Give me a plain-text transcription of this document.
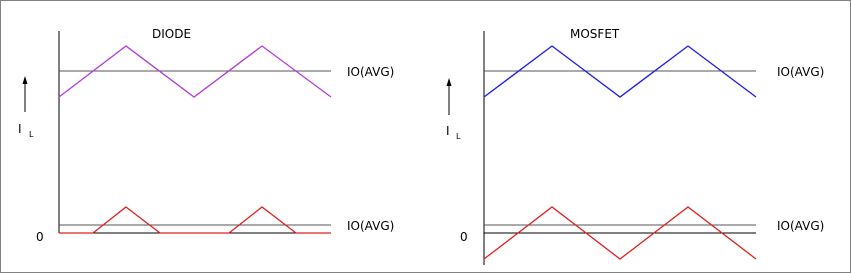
DIODE
I L
0
IO(AVG)
IO(AVG)
MOSFET
I L
0
IO(AVG)
IO(AVG)
